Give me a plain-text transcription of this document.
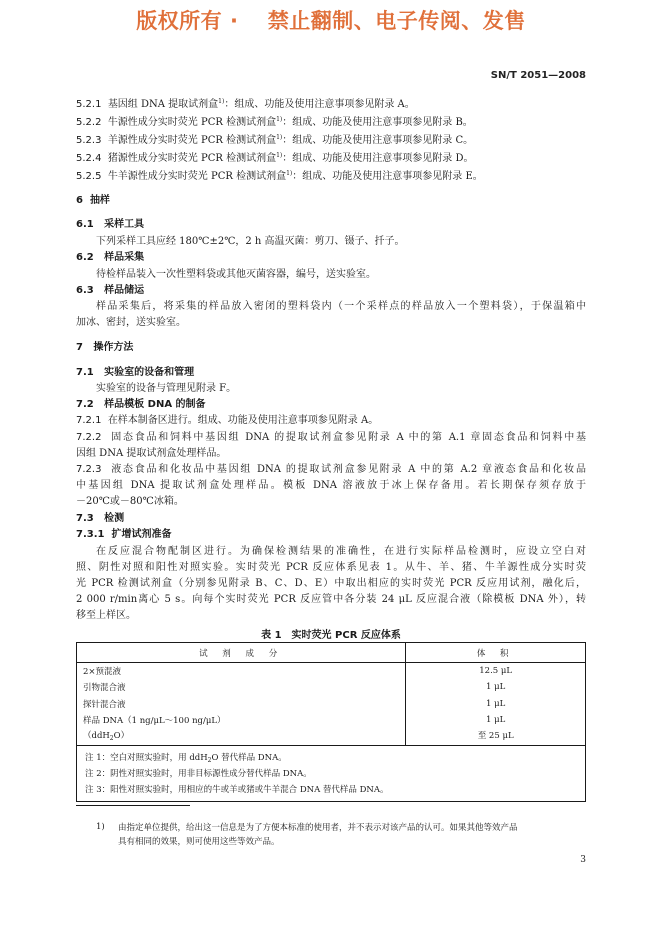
版权所有 · 　禁止翻制、电子传阅、发售
SN/T 2051—2008
5.2.1 基因组 DNA 提取试剂盒$^{1)}$：组成、功能及使用注意事项参见附录 A。
5.2.2 牛源性成分实时荧光 PCR 检测试剂盒$^{1)}$：组成、功能及使用注意事项参见附录 B。
5.2.3 羊源性成分实时荧光 PCR 检测试剂盒$^{1)}$：组成、功能及使用注意事项参见附录 C。
5.2.4 猪源性成分实时荧光 PCR 检测试剂盒$^{1)}$：组成、功能及使用注意事项参见附录 D。
5.2.5 牛羊源性成分实时荧光 PCR 检测试剂盒$^{1)}$：组成、功能及使用注意事项参见附录 E。
6 抽样
6.1 采样工具
下列采样工具应经 180℃±2℃，2 h 高温灭菌：剪刀、镊子、扦子。
6.2 样品采集
待检样品装入一次性塑料袋或其他灭菌容器，编号，送实验室。
6.3 样品储运
样品采集后，将采集的样品放入密闭的塑料袋内（一个采样点的样品放入一个塑料袋），于保温箱中
加冰、密封，送实验室。
7 操作方法
7.1 实验室的设备和管理
实验室的设备与管理见附录 F。
7.2 样品模板 DNA 的制备
7.2.1 在样本制备区进行。组成、功能及使用注意事项参见附录 A。
7.2.2 固态食品和饲料中基因组 DNA 的提取试剂盒参见附录 A 中的第 A.1 章固态食品和饲料中基
因组 DNA 提取试剂盒处理样品。
7.2.3 液态食品和化妆品中基因组 DNA 的提取试剂盒参见附录 A 中的第 A.2 章液态食品和化妆品
中基因组 DNA 提取试剂盒处理样品。模板 DNA 溶液放于冰上保存备用。若长期保存须存放于
－20℃或－80℃冰箱。
7.3 检测
7.3.1 扩增试剂准备
在反应混合物配制区进行。为确保检测结果的准确性，在进行实际样品检测时，应设立空白对
照、阴性对照和阳性对照实验。实时荧光 PCR 反应体系见表 1。从牛、羊、猪、牛羊源性成分实时荧
光 PCR 检测试剂盒（分别参见附录 B、C、D、E）中取出相应的实时荧光 PCR 反应用试剂，融化后，
2 000 r/min离心 5 s。向每个实时荧光 PCR 反应管中各分装 24 μL 反应混合液（除模板 DNA 外），转
移至上样区。
表 1　实时荧光 PCR 反应体系
试 剂 成 分	体 积
2×预混液	12.5 μL
引物混合液	1 μL
探针混合液	1 μL
样品 DNA（1 ng/μL～100 ng/μL）	1 μL
（ddH$_2$O）	至 25 μL
注 1：空白对照实验时，用 ddH$_2$O 替代样品 DNA。	
注 2：阴性对照实验时，用非目标源性成分替代样品 DNA。	
注 3：阳性对照实验时，用相应的牛或羊或猪或牛羊混合 DNA 替代样品 DNA。	
1) 由指定单位提供，给出这一信息是为了方便本标准的使用者，并不表示对该产品的认可。如果其他等效产品
具有相同的效果，则可使用这些等效产品。
3
